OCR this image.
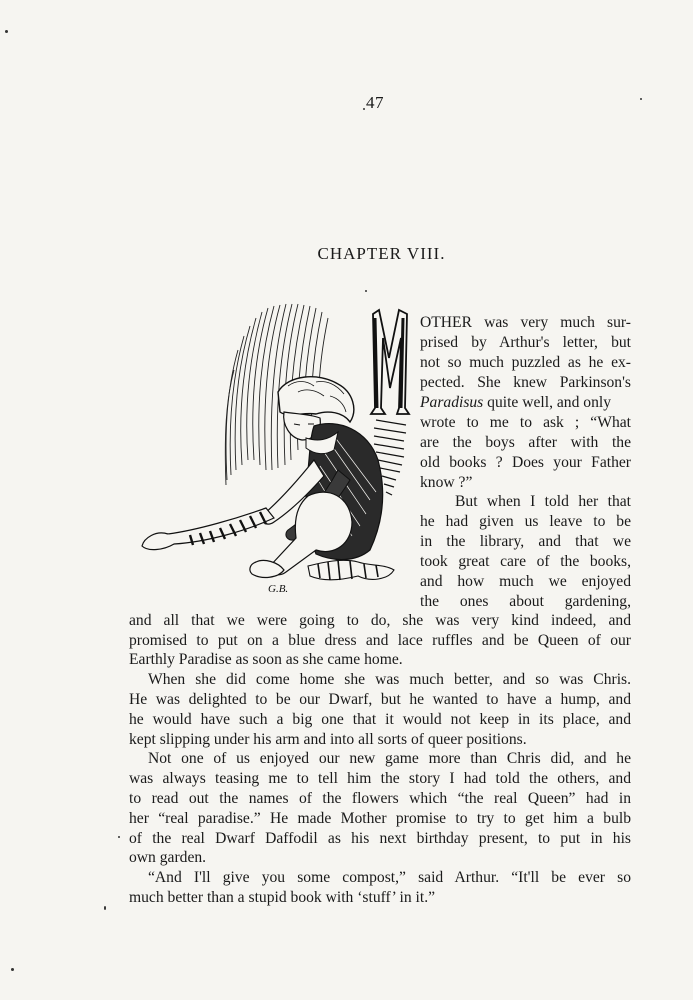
47
CHAPTER VIII.
G.B.
M
OTHER was very much sur-
prised by Arthur's letter, but
not so much puzzled as he ex-
pected. She knew Parkinson's
Paradisus quite well, and only
wrote to me to ask ; “What
are the boys after with the
old books ? Does your Father
know ?”
But when I told her that
he had given us leave to be
in the library, and that we
took great care of the books,
and how much we enjoyed
the ones about gardening,
and all that we were going to do, she was very kind indeed, and
promised to put on a blue dress and lace ruffles and be Queen of our
Earthly Paradise as soon as she came home.
When she did come home she was much better, and so was Chris.
He was delighted to be our Dwarf, but he wanted to have a hump, and
he would have such a big one that it would not keep in its place, and
kept slipping under his arm and into all sorts of queer positions.
Not one of us enjoyed our new game more than Chris did, and he
was always teasing me to tell him the story I had told the others, and
to read out the names of the flowers which “the real Queen” had in
her “real paradise.” He made Mother promise to try to get him a bulb
of the real Dwarf Daffodil as his next birthday present, to put in his
own garden.
“And I'll give you some compost,” said Arthur. “It'll be ever so
much better than a stupid book with ‘stuff’ in it.”
